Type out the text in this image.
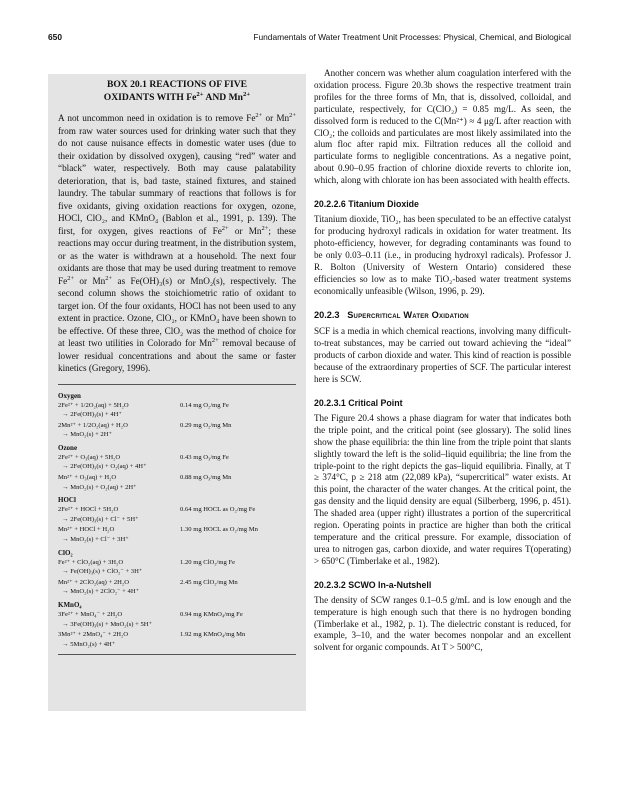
650	Fundamentals of Water Treatment Unit Processes: Physical, Chemical, and Biological
BOX 20.1 REACTIONS OF FIVE
OXIDANTS WITH $Fe^{2+}$ AND $Mn^{2+}$
A not uncommon need in oxidation is to remove $Fe^{2+}$ or $Mn^{2+}$ from raw water sources used for drinking water such that they do not cause nuisance effects in domestic water uses (due to their oxidation by dissolved oxygen), causing “red” water and “black” water, respectively. Both may cause palatability deterioration, that is, bad taste, stained fixtures, and stained laundry. The tabular summary of reactions that follows is for five oxidants, giving oxidation reactions for oxygen, ozone, HOCl, ClO₂, and KMnO₄ (Bablon et al., 1991, p. 139). The first, for oxygen, gives reactions of $Fe^{2+}$ or $Mn^{2+}$; these reactions may occur during treatment, in the distribution system, or as the water is withdrawn at a household. The next four oxidants are those that may be used during treatment to remove $Fe^{2+}$ or $Mn^{2+}$ as Fe(OH)₃(s) or MnO₂(s), respectively. The second column shows the stoichiometric ratio of oxidant to target ion. Of the four oxidants, HOCl has not been used to any extent in practice. Ozone, ClO₂, or KMnO₄ have been shown to be effective. Of these three, ClO₂ was the method of choice for at least two utilities in Colorado for $Mn^{2+}$ removal because of lower residual concentrations and about the same or faster kinetics (Gregory, 1996).
Oxygen
2Fe²⁺ + 1/2O₂(aq) + 5H₂O	0.14 mg O₂/mg Fe
→ 2Fe(OH)₃(s) + 4H⁺
2Mn²⁺ + 1/2O₂(aq) + H₂O	0.29 mg O₂/mg Mn
→ MnO₂(s) + 2H⁺
Ozone
2Fe²⁺ + O₃(aq) + 5H₂O	0.43 mg O₃/mg Fe
→ 2Fe(OH)₃(s) + O₂(aq) + 4H⁺
Mn²⁺ + O₃(aq) + H₂O	0.88 mg O₃/mg Mn
→ MnO₂(s) + O₂(aq) + 2H⁺
HOCl
2Fe²⁺ + HOCl + 5H₂O	0.64 mg HOCL as O₂/mg Fe
→ 2Fe(OH)₃(s) + Cl⁻ + 5H⁺
Mn²⁺ + HOCl + H₂O	1.30 mg HOCL as O₂/mg Mn
→ MnO₂(s) + Cl⁻ + 3H⁺
ClO₂
Fe²⁺ + ClO₂(aq) + 3H₂O	1.20 mg ClO₂/mg Fe
→ Fe(OH)₃(s) + ClO₂⁻ + 3H⁺
Mn²⁺ + 2ClO₂(aq) + 2H₂O	2.45 mg ClO₂/mg Mn
→ MnO₂(s) + 2ClO₂⁻ + 4H⁺
KMnO₄
3Fe²⁺ + MnO₄⁻ + 2H₂O	0.94 mg KMnO₄/mg Fe
→ 3Fe(OH)₃(s) + MnO₂(s) + 5H⁺
3Mn²⁺ + 2MnO₄⁻ + 2H₂O	1.92 mg KMnO₄/mg Mn
→ 5MnO₂(s) + 4H⁺

Another concern was whether alum coagulation interfered with the oxidation process. Figure 20.3b shows the respective treatment train profiles for the three forms of Mn, that is, dissolved, colloidal, and particulate, respectively, for C(ClO₂) = 0.85 mg/L. As seen, the dissolved form is reduced to the C(Mn²⁺) ≈ 4 μg/L after reaction with ClO₂; the colloids and particulates are most likely assimilated into the alum floc after rapid mix. Filtration reduces all the colloid and particulate forms to negligible concentrations. As a negative point, about 0.90–0.95 fraction of chlorine dioxide reverts to chlorite ion, which, along with chlorate ion has been associated with health effects.

20.2.2.6 Titanium Dioxide

Titanium dioxide, TiO₂, has been speculated to be an effective catalyst for producing hydroxyl radicals in oxidation for water treatment. Its photo-efficiency, however, for degrading contaminants was found to be only 0.03–0.11 (i.e., in producing hydroxyl radicals). Professor J. R. Bolton (University of Western Ontario) considered these efficiencies so low as to make TiO₂-based water treatment systems economically unfeasible (Wilson, 1996, p. 29).

20.2.3 Supercritical Water Oxidation

SCF is a media in which chemical reactions, involving many difficult-to-treat substances, may be carried out toward achieving the “ideal” products of carbon dioxide and water. This kind of reaction is possible because of the extraordinary properties of SCF. The particular interest here is SCW.

20.2.3.1 Critical Point

The Figure 20.4 shows a phase diagram for water that indicates both the triple point, and the critical point (see glossary). The solid lines show the phase equilibria: the thin line from the triple point that slants slightly toward the left is the solid–liquid equilibria; the line from the triple-point to the right depicts the gas–liquid equilibria. Finally, at T ≥ 374°C, p ≥ 218 atm (22,089 kPa), “supercritical” water exists. At this point, the character of the water changes. At the critical point, the gas density and the liquid density are equal (Silberberg, 1996, p. 451). The shaded area (upper right) illustrates a portion of the supercritical region. Operating points in practice are higher than both the critical temperature and the critical pressure. For example, dissociation of urea to nitrogen gas, carbon dioxide, and water requires T(operating) > 650°C (Timberlake et al., 1982).

20.2.3.2 SCWO In-a-Nutshell

The density of SCW ranges 0.1–0.5 g/mL and is low enough and the temperature is high enough such that there is no hydrogen bonding (Timberlake et al., 1982, p. 1). The dielectric constant is reduced, for example, 3–10, and the water becomes nonpolar and an excellent solvent for organic compounds. At T > 500°C,
